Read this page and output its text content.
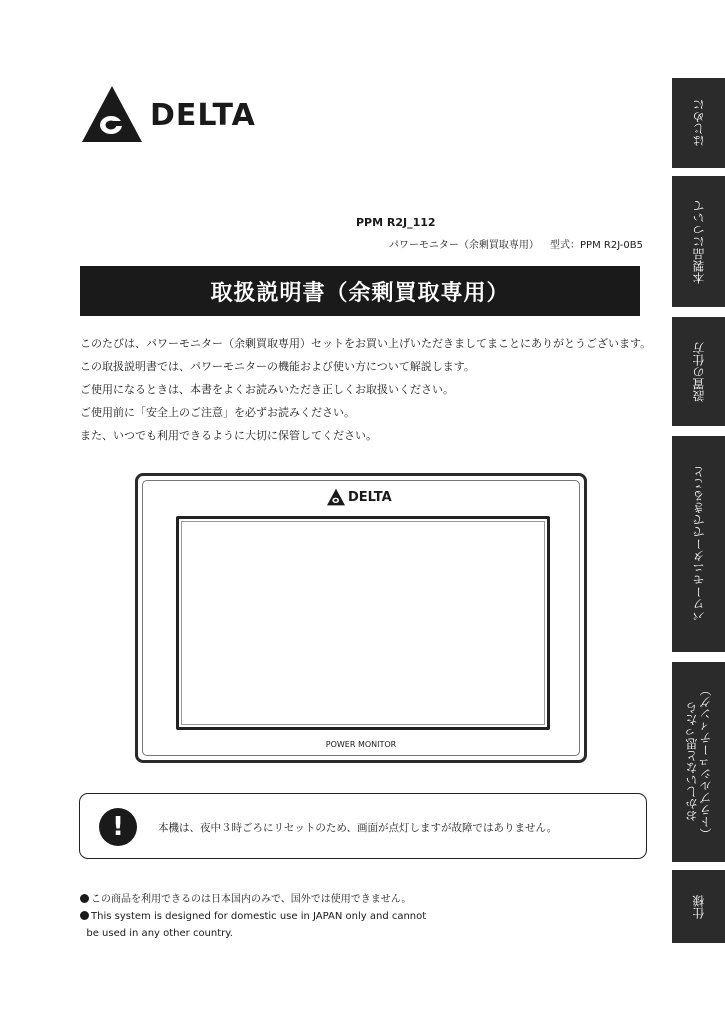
DELTA
PPM R2J_112
パワーモニター（余剰買取専用） 型式：PPM R2J-0B5
取扱説明書（余剰買取専用）

このたびは、パワーモニター（余剰買取専用）セットをお買い上げいただきましてまことにありがとうございます。

この取扱説明書では、パワーモニターの機能および使い方について解説します。

ご使用になるときは、本書をよくお読みいただき正しくお取扱いください。

ご使用前に「安全上のご注意」を必ずお読みください。

また、いつでも利用できるように大切に保管してください。

DELTA
POWER MONITOR
!	本機は、夜中３時ごろにリセットのため、画面が点灯しますが故障ではありません。

この商品を利用できるのは日本国内のみで、国外では使用できません。

This system is designed for domestic use in JAPAN only and cannot

be used in any other country.

はじめに
本製品について
設置の仕方
パワーモニターでできること
おかしいなと思ったら
（トラブルシューティング）
仕様
